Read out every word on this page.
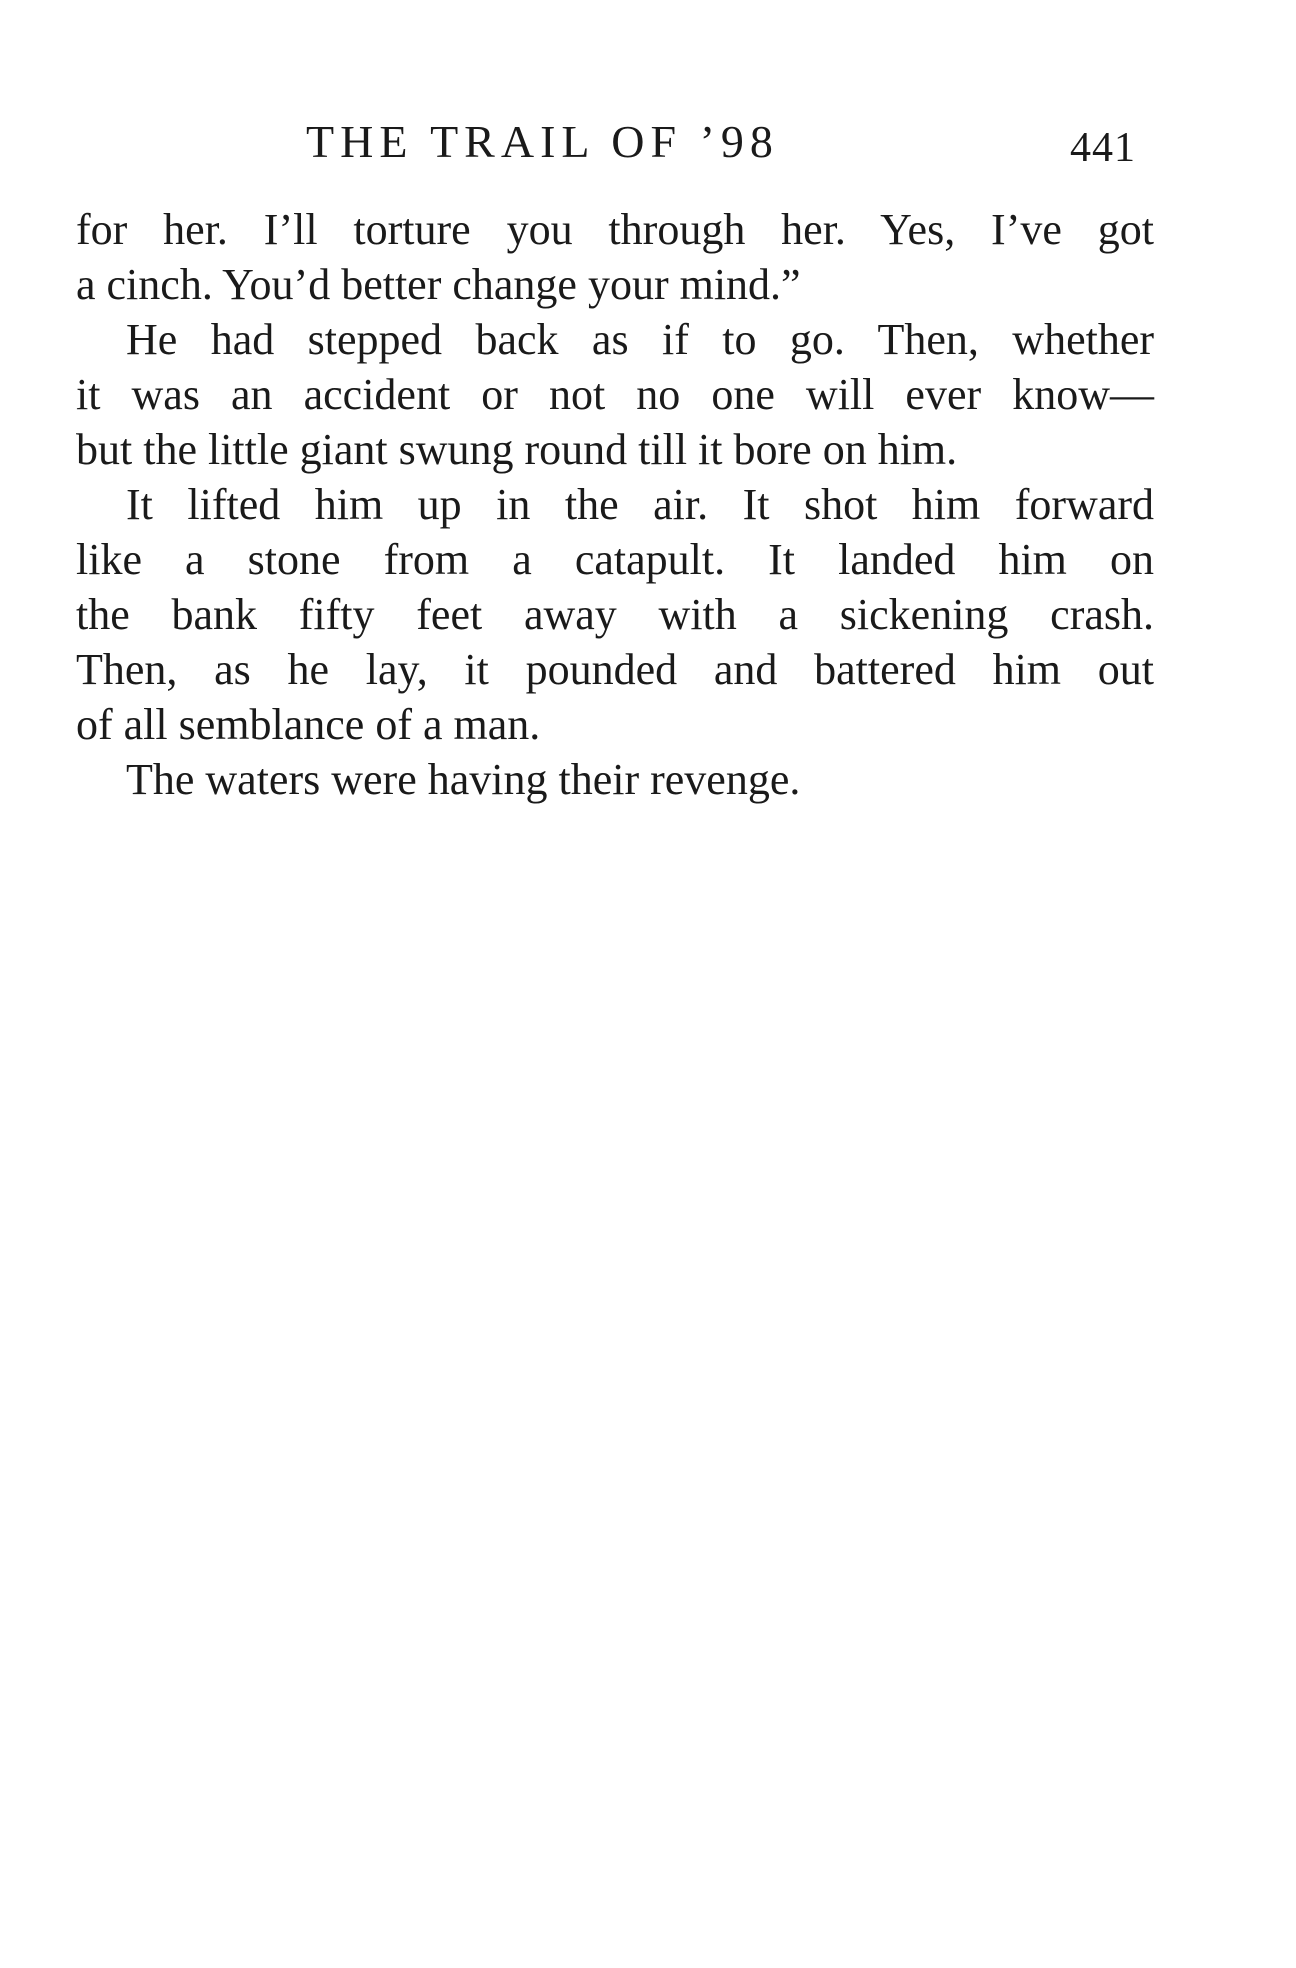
THE TRAIL OF ’98	441
for her. I’ll torture you through her. Yes, I’ve got
a cinch. You’d better change your mind.”
He had stepped back as if to go. Then, whether
it was an accident or not no one will ever know—
but the little giant swung round till it bore on him.
It lifted him up in the air. It shot him forward
like a stone from a catapult. It landed him on
the bank fifty feet away with a sickening crash.
Then, as he lay, it pounded and battered him out
of all semblance of a man.
The waters were having their revenge.
